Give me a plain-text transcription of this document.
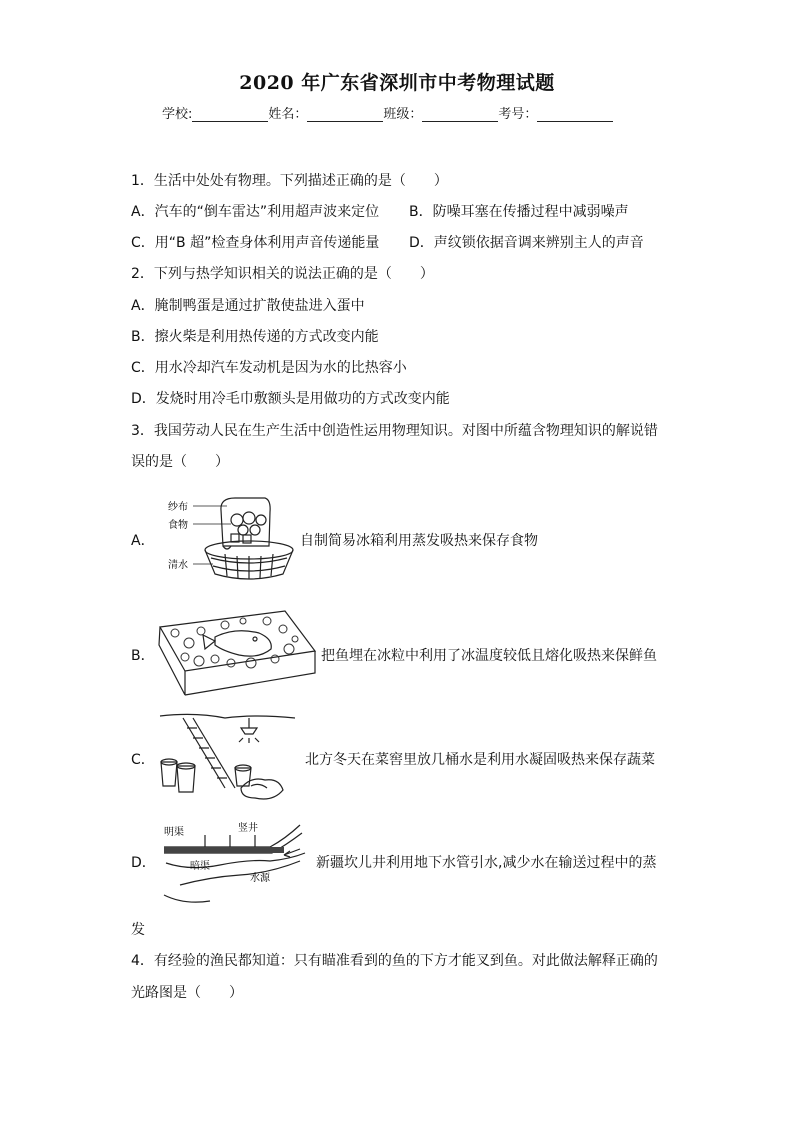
2020 年广东省深圳市中考物理试题
学校:	姓名：	班级：	考号：
1．生活中处处有物理。下列描述正确的是（　　）
A．汽车的“倒车雷达”利用超声波来定位 B．防噪耳塞在传播过程中减弱噪声
C．用“B 超”检查身体利用声音传递能量 D．声纹锁依据音调来辨别主人的声音
2．下列与热学知识相关的说法正确的是（　　）
A．腌制鸭蛋是通过扩散使盐进入蛋中
B．擦火柴是利用热传递的方式改变内能
C．用水冷却汽车发动机是因为水的比热容小
D．发烧时用冷毛巾敷额头是用做功的方式改变内能
3．我国劳动人民在生产生活中创造性运用物理知识。对图中所蕴含物理知识的解说错
误的是（　　）
A．
纱布
食物
清水
自制简易冰箱利用蒸发吸热来保存食物
B．	把鱼埋在冰粒中利用了冰温度较低且熔化吸热来保鲜鱼
C．	北方冬天在菜窖里放几桶水是利用水凝固吸热来保存蔬菜
D．
明渠	竖井
暗渠
水源
新疆坎儿井利用地下水管引水,减少水在输送过程中的蒸
发
4．有经验的渔民都知道：只有瞄准看到的鱼的下方才能叉到鱼。对此做法解释正确的
光路图是（　　）
